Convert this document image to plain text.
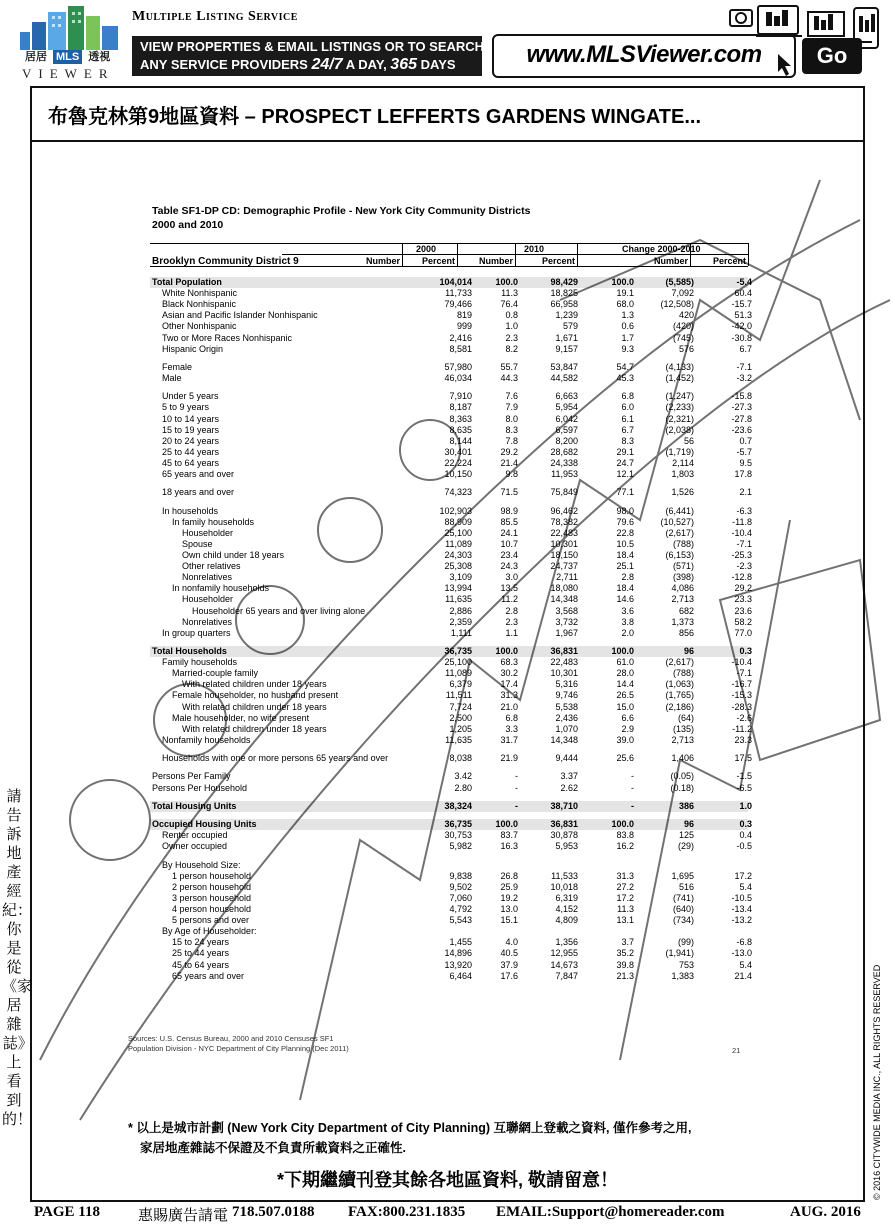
居居 MLS 透視
VIEWER
Multiple Listing Service
VIEW PROPERTIES & EMAIL LISTINGS OR TO SEARCH
ANY SERVICE PROVIDERS 24/7 A DAY, 365 DAYS	www.MLSViewer.com	Go
布魯克林第9地區資料 – PROSPECT LEFFERTS GARDENS WINGATE...
Table SF1-DP CD: Demographic Profile - New York City Community Districts
2000 and 2010
2000	2010	Change 2000-2010
Brooklyn Community District 9	Number	Percent	Number	Percent	Number	Percent
Total Population	104,014	100.0	98,429	100.0	(5,585)	-5.4
White Nonhispanic	11,733	11.3	18,825	19.1	7,092	60.4
Black Nonhispanic	79,466	76.4	66,958	68.0	(12,508)	-15.7
Asian and Pacific Islander Nonhispanic	819	0.8	1,239	1.3	420	51.3
Other Nonhispanic	999	1.0	579	0.6	(420)	-42.0
Two or More Races Nonhispanic	2,416	2.3	1,671	1.7	(745)	-30.8
Hispanic Origin	8,581	8.2	9,157	9.3	576	6.7
Female	57,980	55.7	53,847	54.7	(4,133)	-7.1
Male	46,034	44.3	44,582	45.3	(1,452)	-3.2
Under 5 years	7,910	7.6	6,663	6.8	(1,247)	-15.8
5 to 9 years	8,187	7.9	5,954	6.0	(2,233)	-27.3
10 to 14 years	8,363	8.0	6,042	6.1	(2,321)	-27.8
15 to 19 years	8,635	8.3	6,597	6.7	(2,038)	-23.6
20 to 24 years	8,144	7.8	8,200	8.3	56	0.7
25 to 44 years	30,401	29.2	28,682	29.1	(1,719)	-5.7
45 to 64 years	22,224	21.4	24,338	24.7	2,114	9.5
65 years and over	10,150	9.8	11,953	12.1	1,803	17.8
18 years and over	74,323	71.5	75,849	77.1	1,526	2.1
In households	102,903	98.9	96,462	98.0	(6,441)	-6.3
In family households	88,909	85.5	78,382	79.6	(10,527)	-11.8
Householder	25,100	24.1	22,483	22.8	(2,617)	-10.4
Spouse	11,089	10.7	10,301	10.5	(788)	-7.1
Own child under 18 years	24,303	23.4	18,150	18.4	(6,153)	-25.3
Other relatives	25,308	24.3	24,737	25.1	(571)	-2.3
Nonrelatives	3,109	3.0	2,711	2.8	(398)	-12.8
In nonfamily households	13,994	13.5	18,080	18.4	4,086	29.2
Householder	11,635	11.2	14,348	14.6	2,713	23.3
Householder 65 years and over living alone	2,886	2.8	3,568	3.6	682	23.6
Nonrelatives	2,359	2.3	3,732	3.8	1,373	58.2
In group quarters	1,111	1.1	1,967	2.0	856	77.0
Total Households	36,735	100.0	36,831	100.0	96	0.3
Family households	25,100	68.3	22,483	61.0	(2,617)	-10.4
Married-couple family	11,089	30.2	10,301	28.0	(788)	-7.1
With related children under 18 years	6,379	17.4	5,316	14.4	(1,063)	-16.7
Female householder, no husband present	11,511	31.3	9,746	26.5	(1,765)	-15.3
With related children under 18 years	7,724	21.0	5,538	15.0	(2,186)	-28.3
Male householder, no wife present	2,500	6.8	2,436	6.6	(64)	-2.6
With related children under 18 years	1,205	3.3	1,070	2.9	(135)	-11.2
Nonfamily households	11,635	31.7	14,348	39.0	2,713	23.3
Households with one or more persons 65 years and over	8,038	21.9	9,444	25.6	1,406	17.5
Persons Per Family	3.42	-	3.37	-	(0.05)	-1.5
Persons Per Household	2.80	-	2.62	-	(0.18)	-6.5
Total Housing Units	38,324	-	38,710	-	386	1.0
Occupied Housing Units	36,735	100.0	36,831	100.0	96	0.3
Renter occupied	30,753	83.7	30,878	83.8	125	0.4
Owner occupied	5,982	16.3	5,953	16.2	(29)	-0.5
By Household Size:
1 person household	9,838	26.8	11,533	31.3	1,695	17.2
2 person household	9,502	25.9	10,018	27.2	516	5.4
3 person household	7,060	19.2	6,319	17.2	(741)	-10.5
4 person household	4,792	13.0	4,152	11.3	(640)	-13.4
5 persons and over	5,543	15.1	4,809	13.1	(734)	-13.2
By Age of Householder:
15 to 24 years	1,455	4.0	1,356	3.7	(99)	-6.8
25 to 44 years	14,896	40.5	12,955	35.2	(1,941)	-13.0
45 to 64 years	13,920	37.9	14,673	39.8	753	5.4
65 years and over	6,464	17.6	7,847	21.3	1,383	21.4
Sources: U.S. Census Bureau, 2000 and 2010 Censuses SF1
Population Division - NYC Department of City Planning (Dec 2011)	21
* 以上是城市計劃 (New York City Department of City Planning) 互聯網上登載之資料, 僅作參考之用,
家居地產雜誌不保證及不負責所載資料之正確性.
*下期繼續刊登其餘各地區資料, 敬請留意！
請告訴地產經紀：你是從《家居雜誌》上看到的！	© 2016 CITYWIDE MEDIA INC., ALL RIGHTS RESERVED
PAGE 118	惠賜廣告請電 718.507.0188 FAX:800.231.1835 EMAIL:Support@homereader.com	AUG. 2016
